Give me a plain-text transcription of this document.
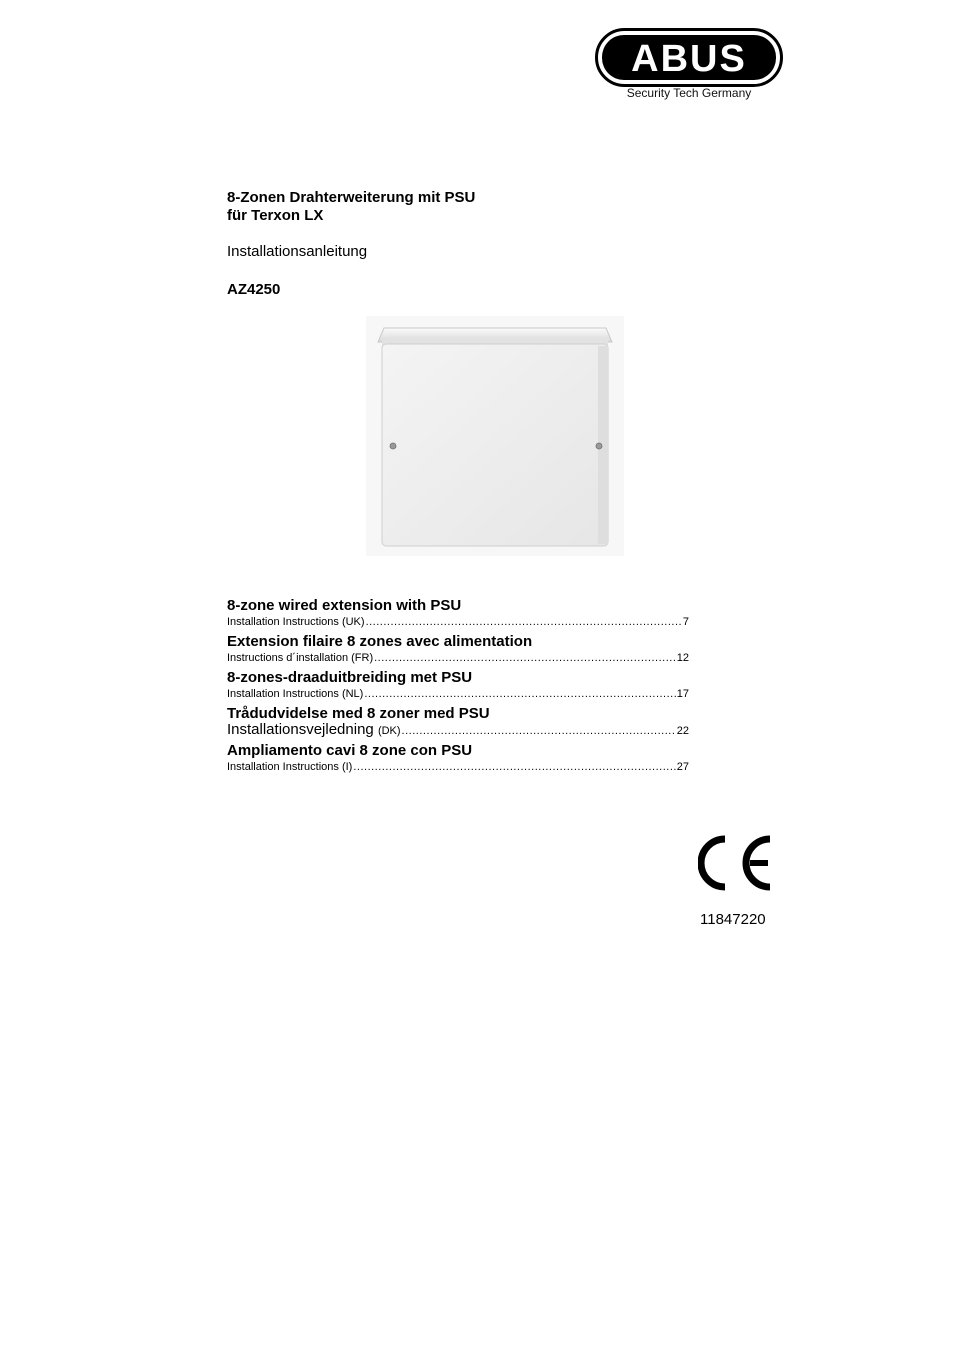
ABUS
Security Tech Germany
8-Zonen Drahterweiterung mit PSU
für Terxon LX
Installationsanleitung
AZ4250
8-zone wired extension with PSU
Installation Instructions (UK) .....	7
Extension filaire 8 zones avec alimentation
Instructions d´installation (FR) .....	12
8-zones-draaduitbreiding met PSU
Installation Instructions (NL) .....	17
Trådudvidelse med 8 zoner med PSU
Installationsvejledning (DK) .....	22
Ampliamento cavi 8 zone con PSU
Installation Instructions (I) .....	27
11847220
